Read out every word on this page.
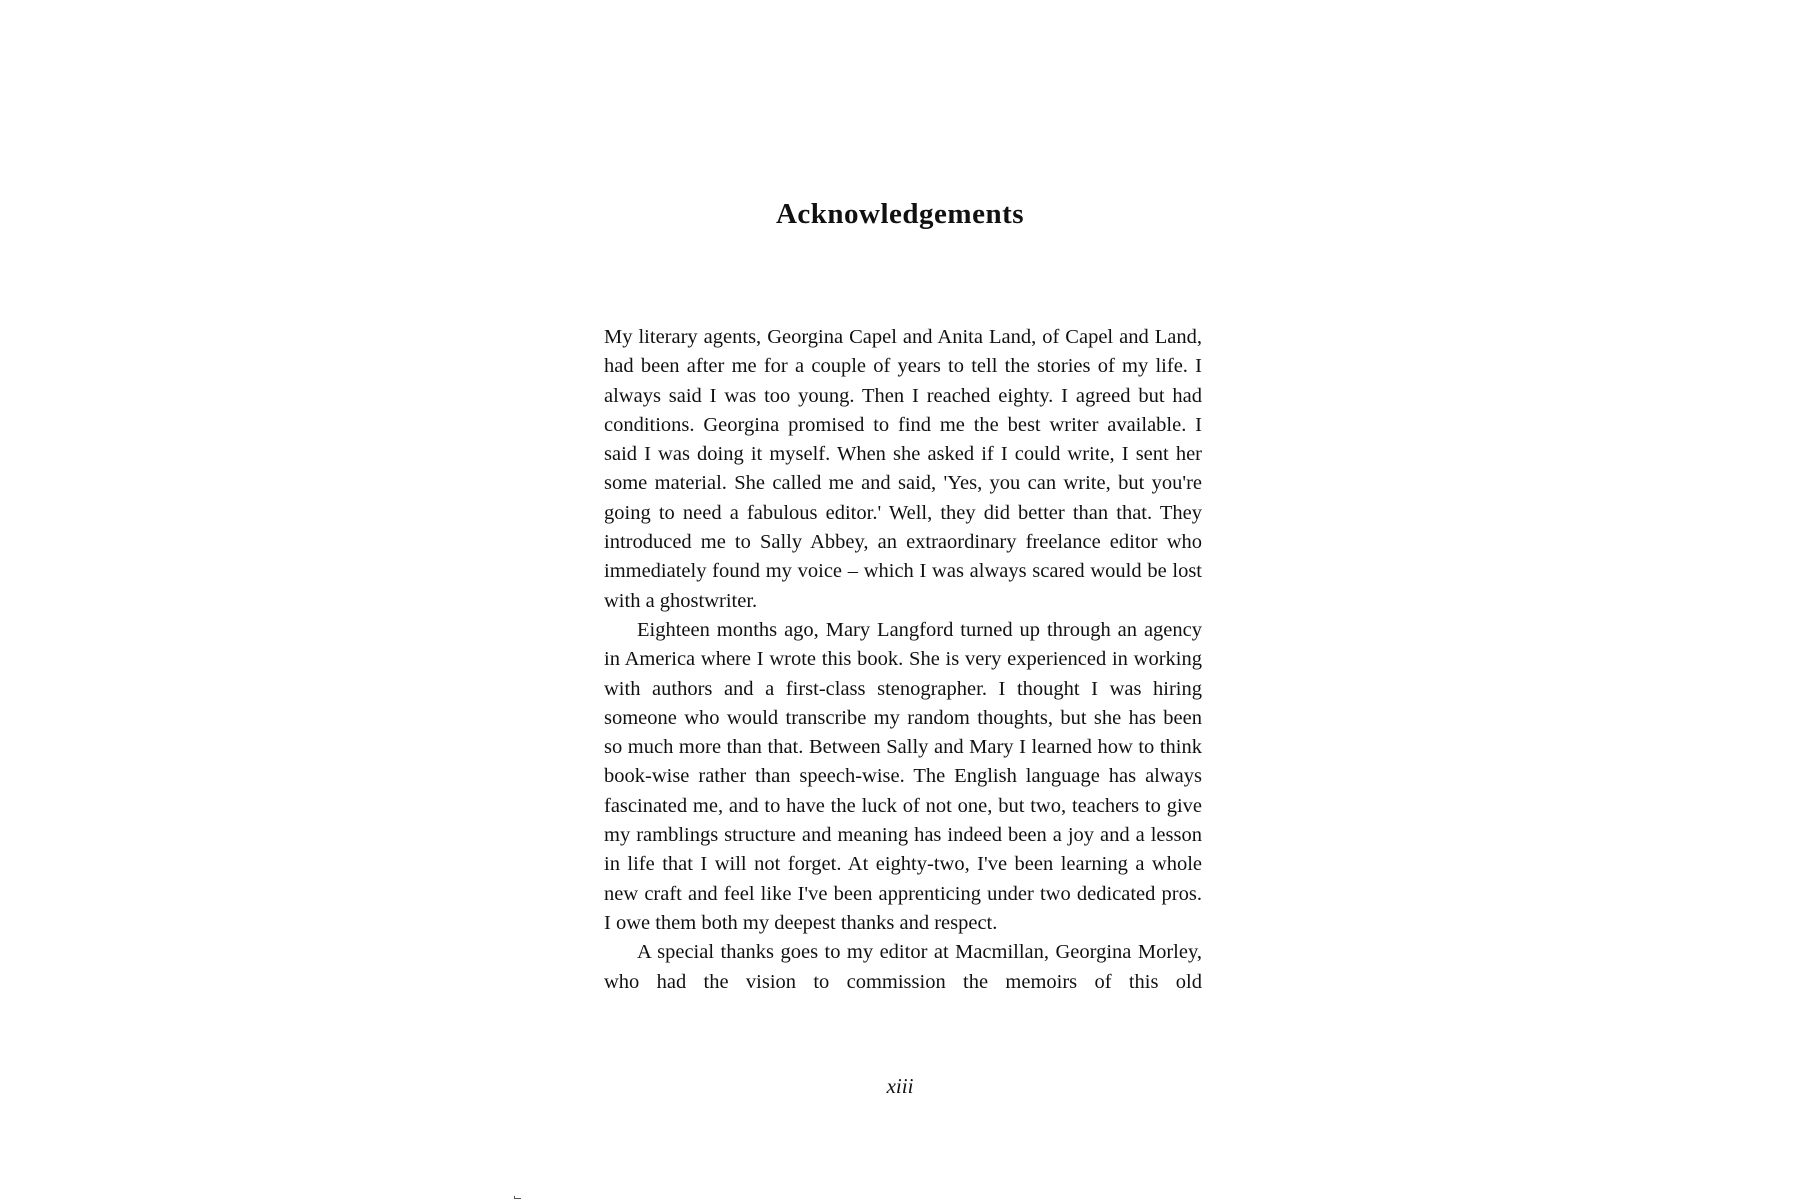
Acknowledgements

My literary agents, Georgina Capel and Anita Land, of Capel and Land, had been after me for a couple of years to tell the stories of my life. I always said I was too young. Then I reached eighty. I agreed but had conditions. Georgina promised to find me the best writer available. I said I was doing it myself. When she asked if I could write, I sent her some material. She called me and said, 'Yes, you can write, but you're going to need a fabulous editor.' Well, they did better than that. They introduced me to Sally Abbey, an extraordinary freelance editor who immediately found my voice – which I was always scared would be lost with a ghostwriter.

Eighteen months ago, Mary Langford turned up through an agency in America where I wrote this book. She is very experienced in working with authors and a first-class stenographer. I thought I was hiring someone who would transcribe my random thoughts, but she has been so much more than that. Between Sally and Mary I learned how to think book-wise rather than speech-wise. The English language has always fascinated me, and to have the luck of not one, but two, teachers to give my ramblings structure and meaning has indeed been a joy and a lesson in life that I will not forget. At eighty-two, I've been learning a whole new craft and feel like I've been apprenticing under two dedicated pros. I owe them both my deepest thanks and respect.

A special thanks goes to my editor at Macmillan, Georgina Morley, who had the vision to commission the memoirs of this old

xiii
